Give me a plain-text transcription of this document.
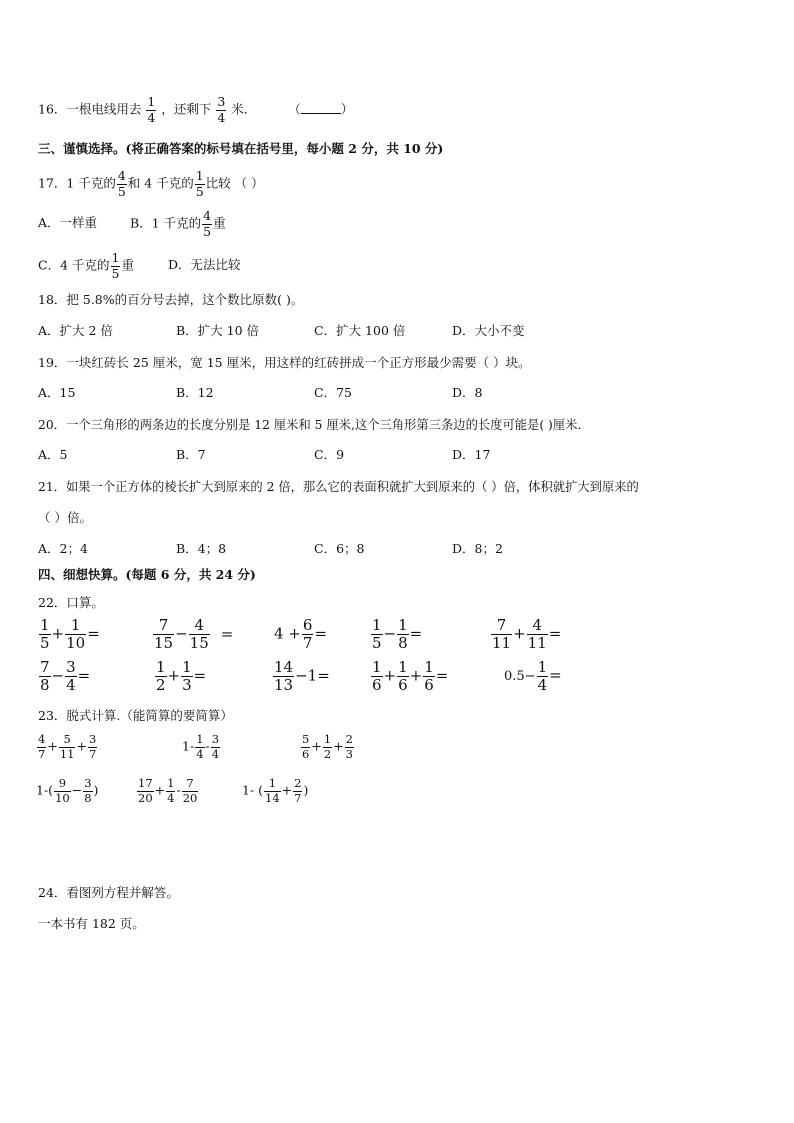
16．一根电线用去 $\frac{1}{4}$ ，还剩下 $\frac{3}{4}$ 米．	（	）
三、谨慎选择。(将正确答案的标号填在括号里，每小题 2 分，共 10 分)
17．1 千克的 $\frac{4}{5}$ 和 4 千克的 $\frac{1}{5}$ 比较 （ ）
A．一样重	B．1 千克的 $\frac{4}{5}$ 重
C．4 千克的 $\frac{1}{5}$ 重	D．无法比较
18．把 5.8%的百分号去掉，这个数比原数( )。
A．扩大 2 倍	B．扩大 10 倍	C．扩大 100 倍	D．大小不变
19．一块红砖长 25 厘米，宽 15 厘米，用这样的红砖拼成一个正方形最少需要（ ）块。
A．15	B．12	C．75	D．8
20．一个三角形的两条边的长度分别是 12 厘米和 5 厘米,这个三角形第三条边的长度可能是( )厘米．
A．5	B．7	C．9	D．17
21．如果一个正方体的棱长扩大到原来的 2 倍，那么它的表面积就扩大到原来的（ ）倍，体积就扩大到原来的
（ ）倍。
A．2；4	B．4；8	C．6；8	D．8；2
四、细想快算。(每题 6 分，共 24 分)
22．口算。
$\frac{1}{5} + \frac{1}{10}$ =	$\frac{7}{15} - \frac{4}{15}$ =	$4 + \frac{6}{7}$ =	$\frac{1}{5} - \frac{1}{8}$ =	$\frac{7}{11} + \frac{4}{11}$ =
$\frac{7}{8} - \frac{3}{4}$ =	$\frac{1}{2} + \frac{1}{3}$ =	$\frac{14}{13} -1=$	$\frac{1}{6} + \frac{1}{6} + \frac{1}{6}$ =	$0.5- \frac{1}{4}$ =
23．脱式计算.（能简算的要简算）
$\frac{4}{7} + \frac{5}{11} + \frac{3}{7}$	$1- \frac{1}{4} - \frac{3}{4}$	$\frac{5}{6} + \frac{1}{2} + \frac{2}{3}$
$1-( \frac{9}{10} - \frac{3}{8}$ )	$\frac{17}{20} + \frac{1}{4} - \frac{7}{20}$	1- ( $\frac{1}{14} + \frac{2}{7}$ )
24．看图列方程并解答。
一本书有 182 页。
